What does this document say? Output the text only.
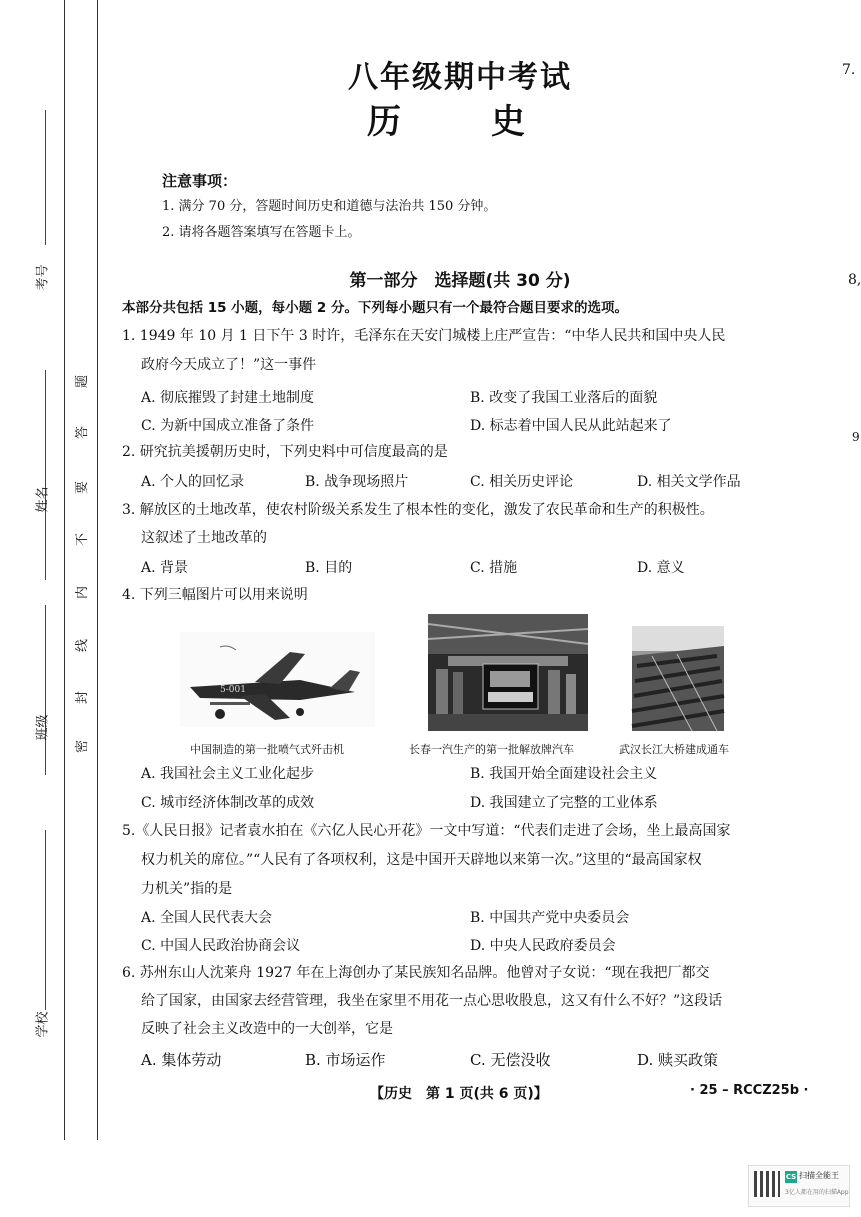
考号
姓名
班级
学校
密
封
线
内
不
要
答
题
7.
8,
9
八年级期中考试
历　史
注意事项：
1. 满分 70 分，答题时间历史和道德与法治共 150 分钟。
2. 请将各题答案填写在答题卡上。
第一部分　选择题(共 30 分)
本部分共包括 15 小题，每小题 2 分。下列每小题只有一个最符合题目要求的选项。
1. 1949 年 10 月 1 日下午 3 时许，毛泽东在天安门城楼上庄严宣告：“中华人民共和国中央人民
政府今天成立了！”这一事件
A. 彻底摧毁了封建土地制度	B. 改变了我国工业落后的面貌
C. 为新中国成立准备了条件	D. 标志着中国人民从此站起来了
2. 研究抗美援朝历史时，下列史料中可信度最高的是
A. 个人的回忆录	B. 战争现场照片	C. 相关历史评论	D. 相关文学作品
3. 解放区的土地改革，使农村阶级关系发生了根本性的变化，激发了农民革命和生产的积极性。
这叙述了土地改革的
A. 背景	B. 目的	C. 措施	D. 意义
4. 下列三幅图片可以用来说明
5-001
中国制造的第一批喷气式歼击机	长春一汽生产的第一批解放牌汽车	武汉长江大桥建成通车
A. 我国社会主义工业化起步	B. 我国开始全面建设社会主义
C. 城市经济体制改革的成效	D. 我国建立了完整的工业体系
5.《人民日报》记者袁水拍在《六亿人民心开花》一文中写道：“代表们走进了会场，坐上最高国家
权力机关的席位。”“人民有了各项权利，这是中国开天辟地以来第一次。”这里的“最高国家权
力机关”指的是
A. 全国人民代表大会	B. 中国共产党中央委员会
C. 中国人民政治协商会议	D. 中央人民政府委员会
6. 苏州东山人沈莱舟 1927 年在上海创办了某民族知名品牌。他曾对子女说：“现在我把厂都交
给了国家，由国家去经营管理，我坐在家里不用花一点心思收股息，这又有什么不好？”这段话
反映了社会主义改造中的一大创举，它是
A. 集体劳动	B. 市场运作	C. 无偿没收	D. 赎买政策
【历史　第 1 页(共 6 页)】	· 25 – RCCZ25b ·
CS 扫描全能王
3亿人都在用的扫描App
